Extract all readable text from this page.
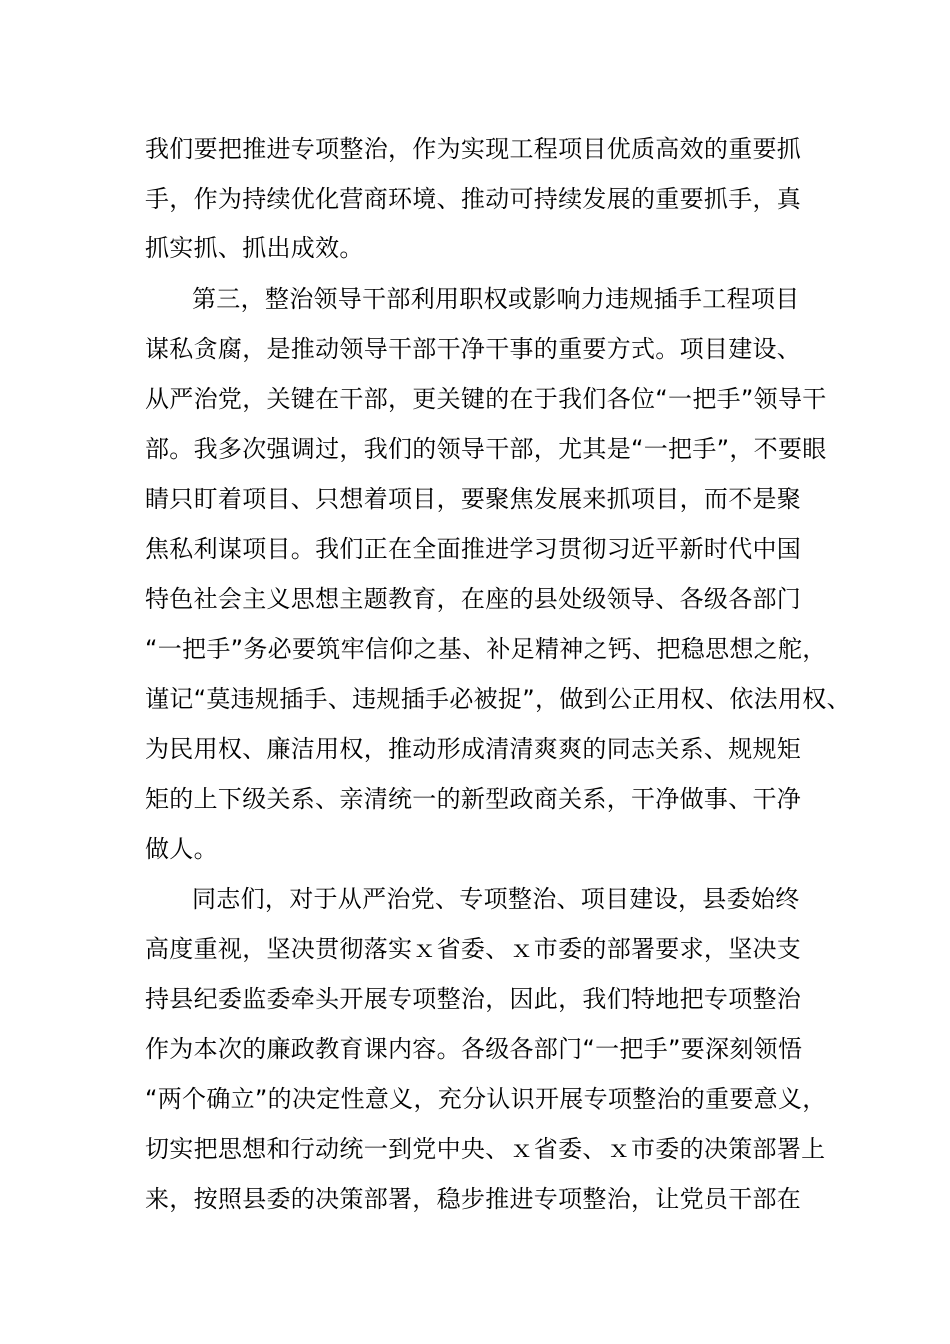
我们要把推进专项整治，作为实现工程项目优质高效的重要抓
手，作为持续优化营商环境、推动可持续发展的重要抓手，真
抓实抓、抓出成效。
第三，整治领导干部利用职权或影响力违规插手工程项目
谋私贪腐，是推动领导干部干净干事的重要方式。项目建设、
从严治党，关键在干部，更关键的在于我们各位“一把手”领导干
部。我多次强调过，我们的领导干部，尤其是“一把手”，不要眼
睛只盯着项目、只想着项目，要聚焦发展来抓项目，而不是聚
焦私利谋项目。我们正在全面推进学习贯彻习近平新时代中国
特色社会主义思想主题教育，在座的县处级领导、各级各部门
“一把手”务必要筑牢信仰之基、补足精神之钙、把稳思想之舵，
谨记“莫违规插手、违规插手必被捉”，做到公正用权、依法用权、
为民用权、廉洁用权，推动形成清清爽爽的同志关系、规规矩
矩的上下级关系、亲清统一的新型政商关系，干净做事、干净
做人。
同志们，对于从严治党、专项整治、项目建设，县委始终
高度重视，坚决贯彻落实ｘ省委、ｘ市委的部署要求，坚决支
持县纪委监委牵头开展专项整治，因此，我们特地把专项整治
作为本次的廉政教育课内容。各级各部门“一把手”要深刻领悟
“两个确立”的决定性意义，充分认识开展专项整治的重要意义，
切实把思想和行动统一到党中央、ｘ省委、ｘ市委的决策部署上
来，按照县委的决策部署，稳步推进专项整治，让党员干部在
